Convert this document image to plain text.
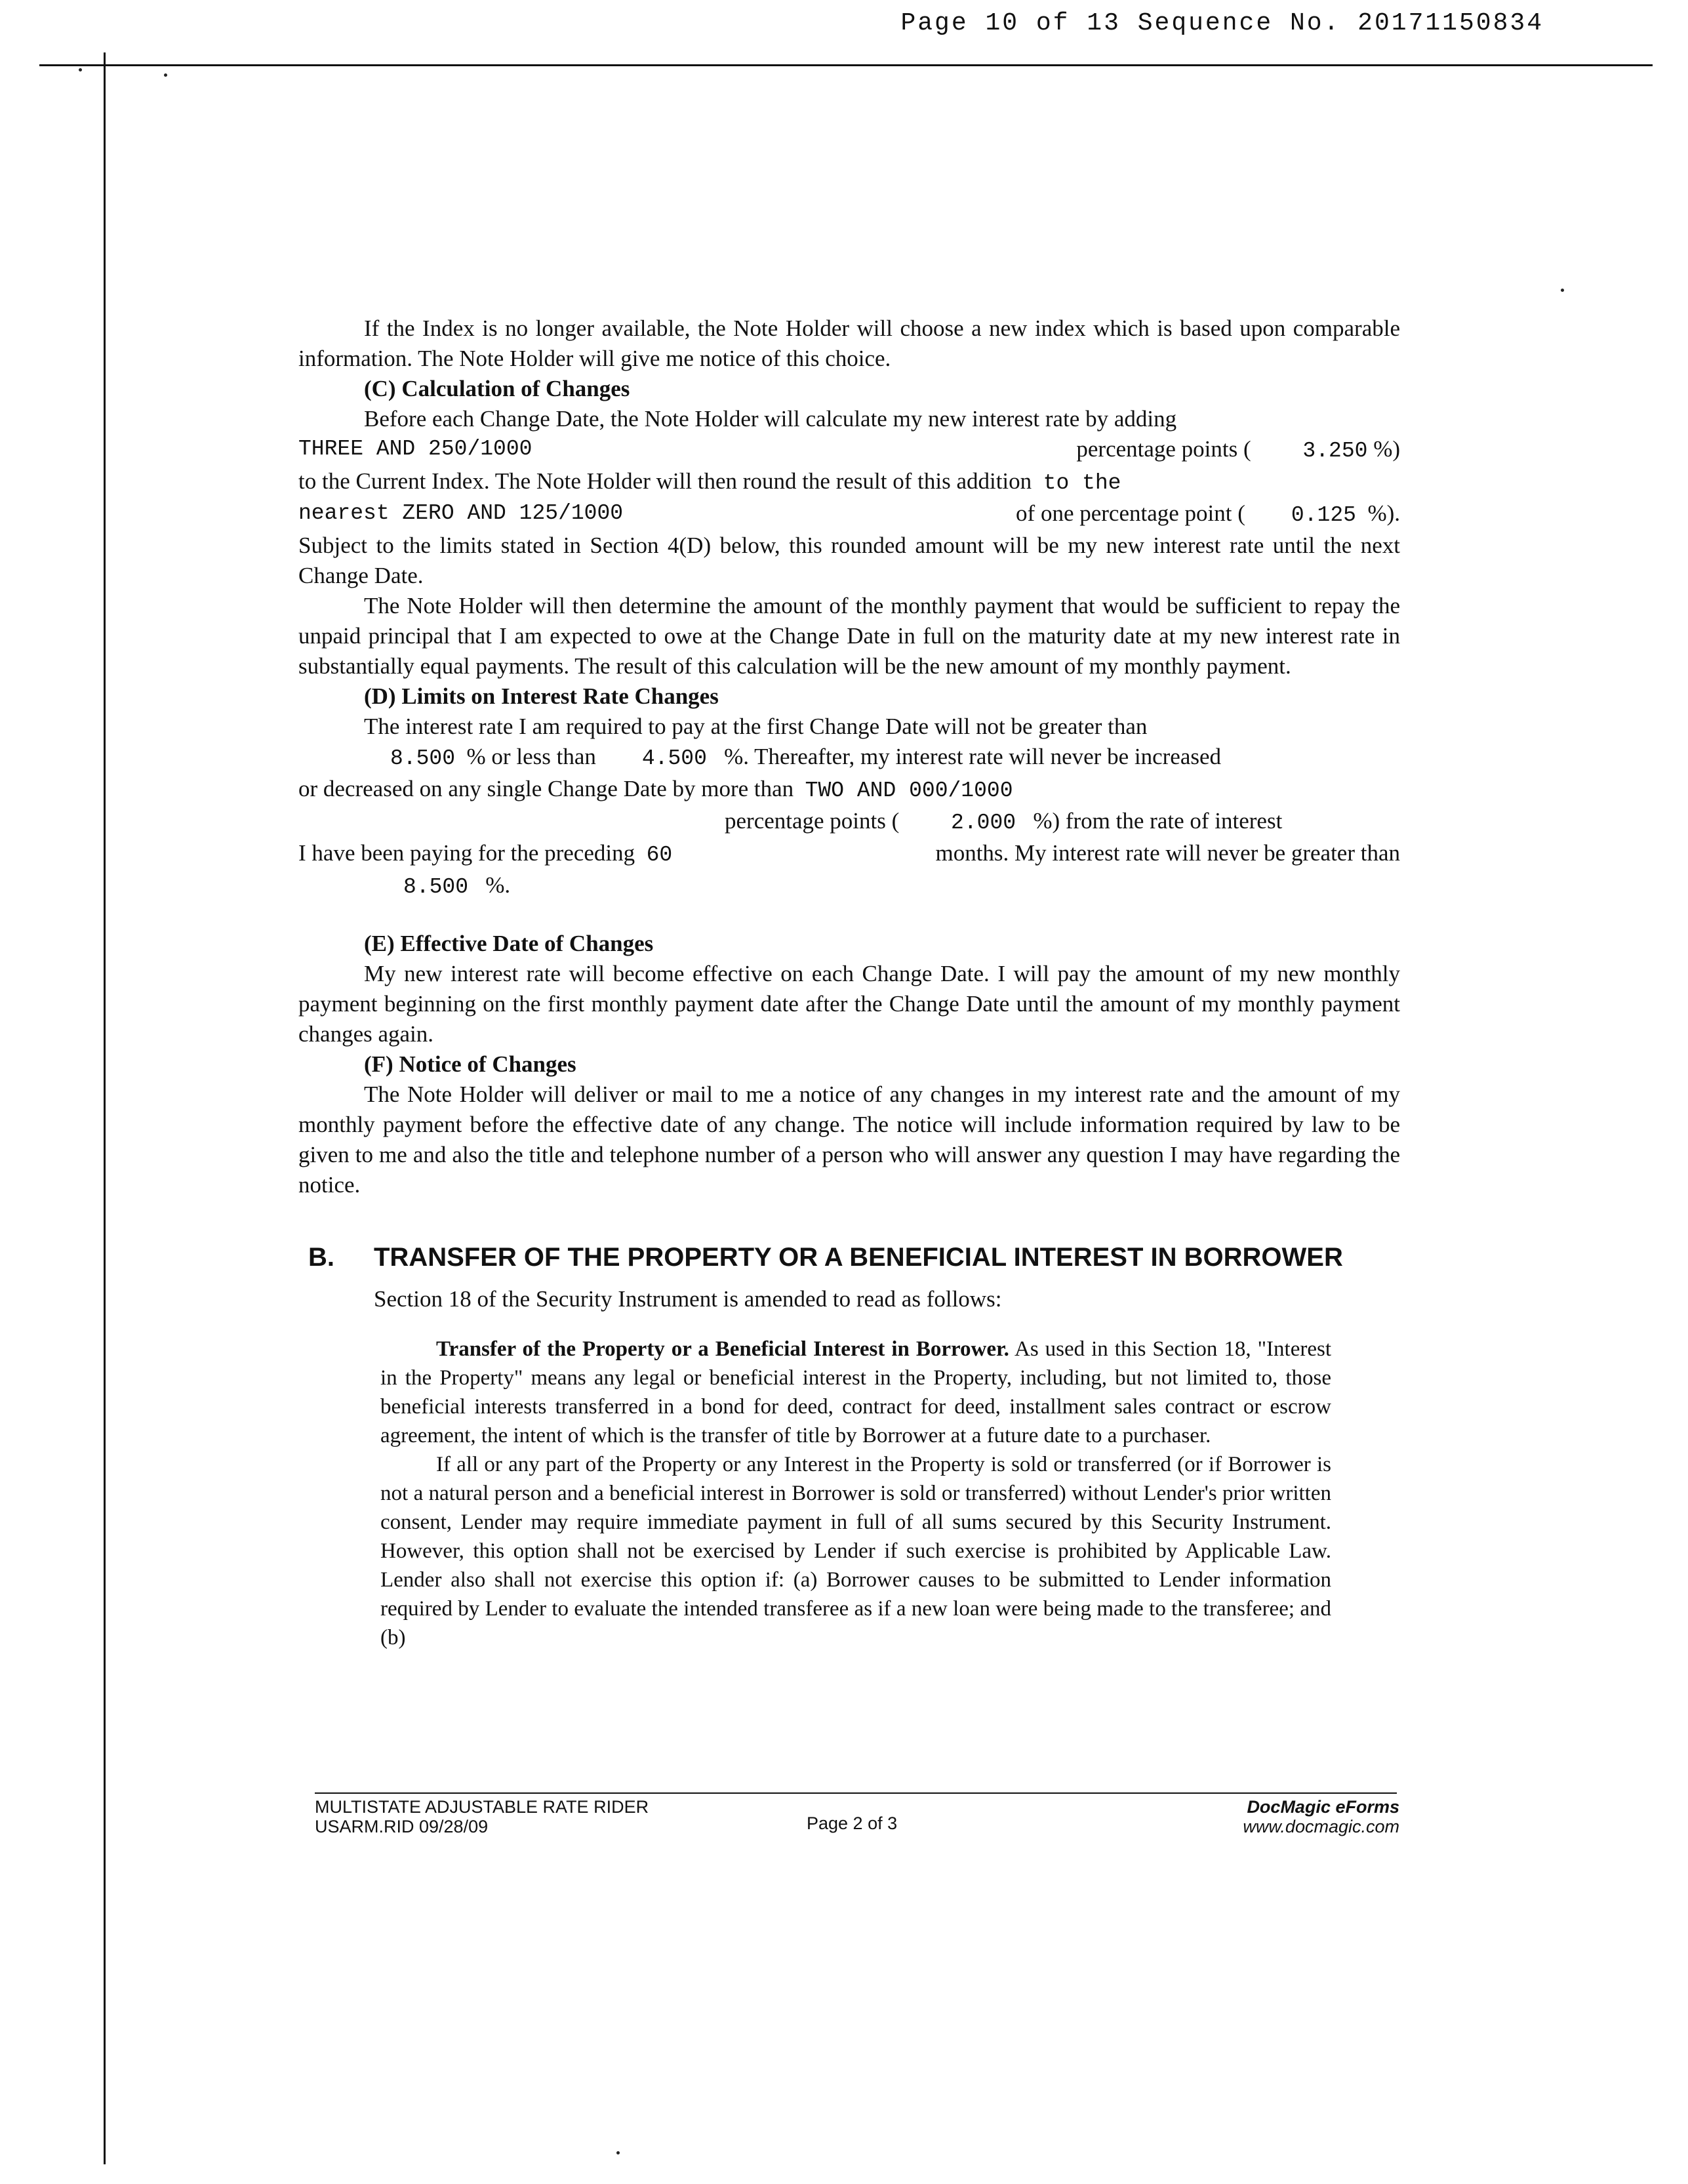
Page 10 of 13 Sequence No. 20171150834

If the Index is no longer available, the Note Holder will choose a new index which is based upon comparable information. The Note Holder will give me notice of this choice.

(C) Calculation of Changes

Before each Change Date, the Note Holder will calculate my new interest rate by adding

THREE AND 250/1000	percentage points ( 3.250 %)

to the Current Index. The Note Holder will then round the result of this addition to the

nearest ZERO AND 125/1000	of one percentage point ( 0.125 %).

Subject to the limits stated in Section 4(D) below, this rounded amount will be my new interest rate until the next Change Date.

The Note Holder will then determine the amount of the monthly payment that would be sufficient to repay the unpaid principal that I am expected to owe at the Change Date in full on the maturity date at my new interest rate in substantially equal payments. The result of this calculation will be the new amount of my monthly payment.

(D) Limits on Interest Rate Changes

The interest rate I am required to pay at the first Change Date will not be greater than

8.500 % or less than 4.500 %. Thereafter, my interest rate will never be increased

or decreased on any single Change Date by more than TWO AND 000/1000

percentage points ( 2.000 %) from the rate of interest
I have been paying for the preceding 60	months. My interest rate will never be greater than
8.500 %.

(E) Effective Date of Changes

My new interest rate will become effective on each Change Date. I will pay the amount of my new monthly payment beginning on the first monthly payment date after the Change Date until the amount of my monthly payment changes again.

(F) Notice of Changes

The Note Holder will deliver or mail to me a notice of any changes in my interest rate and the amount of my monthly payment before the effective date of any change. The notice will include information required by law to be given to me and also the title and telephone number of a person who will answer any question I may have regarding the notice.

B. TRANSFER OF THE PROPERTY OR A BENEFICIAL INTEREST IN BORROWER
Section 18 of the Security Instrument is amended to read as follows:

Transfer of the Property or a Beneficial Interest in Borrower. As used in this Section 18, "Interest in the Property" means any legal or beneficial interest in the Property, including, but not limited to, those beneficial interests transferred in a bond for deed, contract for deed, installment sales contract or escrow agreement, the intent of which is the transfer of title by Borrower at a future date to a purchaser.

If all or any part of the Property or any Interest in the Property is sold or transferred (or if Borrower is not a natural person and a beneficial interest in Borrower is sold or transferred) without Lender's prior written consent, Lender may require immediate payment in full of all sums secured by this Security Instrument. However, this option shall not be exercised by Lender if such exercise is prohibited by Applicable Law. Lender also shall not exercise this option if: (a) Borrower causes to be submitted to Lender information required by Lender to evaluate the intended transferee as if a new loan were being made to the transferee; and (b)

MULTISTATE ADJUSTABLE RATE RIDER
USARM.RID 09/28/09	Page 2 of 3
DocMagic eForms
www.docmagic.com
